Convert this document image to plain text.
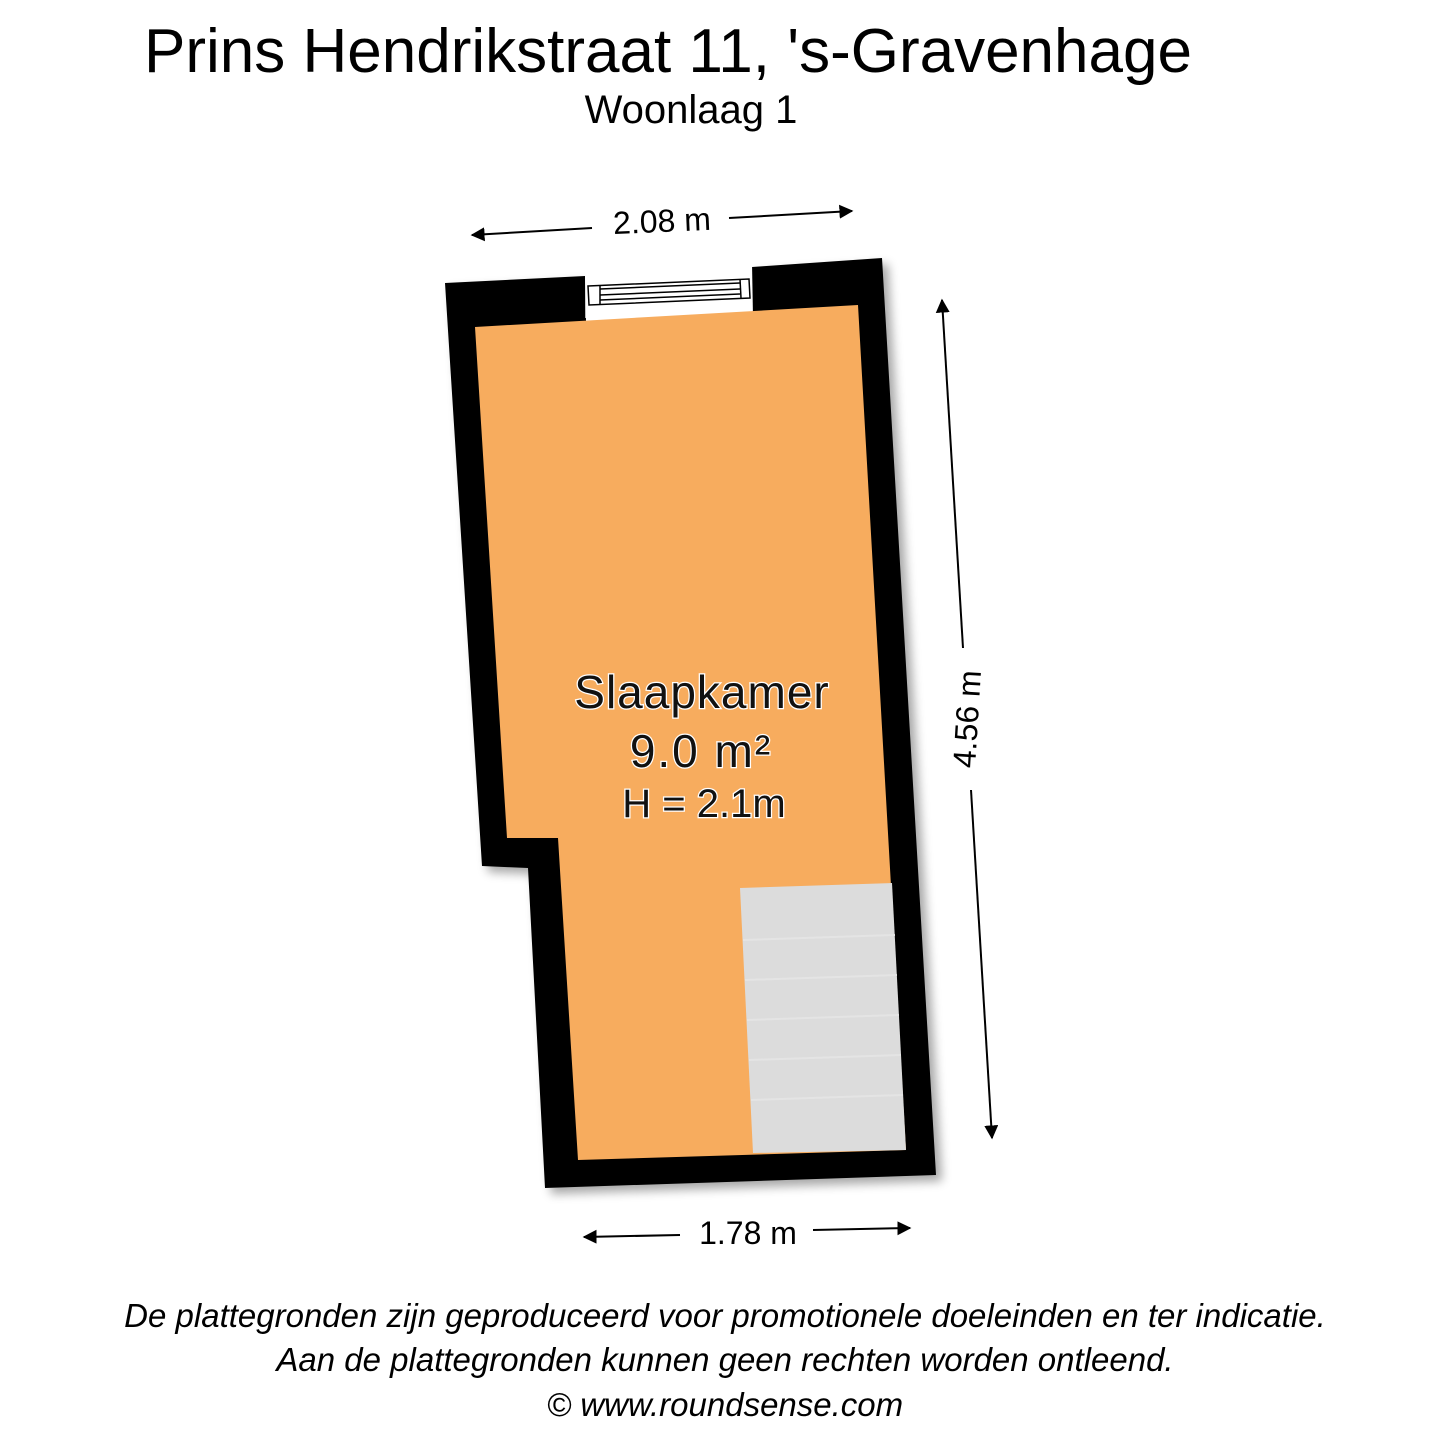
Prins Hendrikstraat 11, 's-Gravenhage
Woonlaag 1
Slaapkamer
9.0 m²
H = 2.1m
2.08 m
1.78 m
4.56 m
De plattegronden zijn geproduceerd voor promotionele doeleinden en ter indicatie.
Aan de plattegronden kunnen geen rechten worden ontleend.
© www.roundsense.com
